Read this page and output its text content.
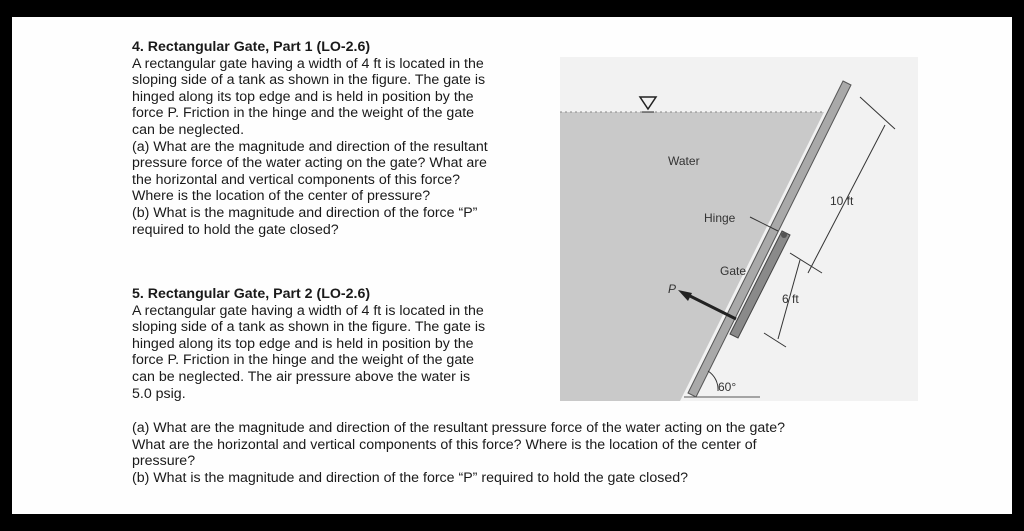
4. Rectangular Gate, Part 1 (LO-2.6)

A rectangular gate having a width of 4 ft is located in the

sloping side of a tank as shown in the figure. The gate is

hinged along its top edge and is held in position by the

force P. Friction in the hinge and the weight of the gate

can be neglected.

(a) What are the magnitude and direction of the resultant

pressure force of the water acting on the gate? What are

the horizontal and vertical components of this force?

Where is the location of the center of pressure?

(b) What is the magnitude and direction of the force “P”

required to hold the gate closed?

5. Rectangular Gate, Part 2 (LO-2.6)

A rectangular gate having a width of 4 ft is located in the

sloping side of a tank as shown in the figure. The gate is

hinged along its top edge and is held in position by the

force P. Friction in the hinge and the weight of the gate

can be neglected. The air pressure above the water is

5.0 psig.

(a) What are the magnitude and direction of the resultant pressure force of the water acting on the gate?

What are the horizontal and vertical components of this force? Where is the location of the center of

pressure?

(b) What is the magnitude and direction of the force “P” required to hold the gate closed?

Water
Hinge
Gate
P
10 ft
6 ft
60°
